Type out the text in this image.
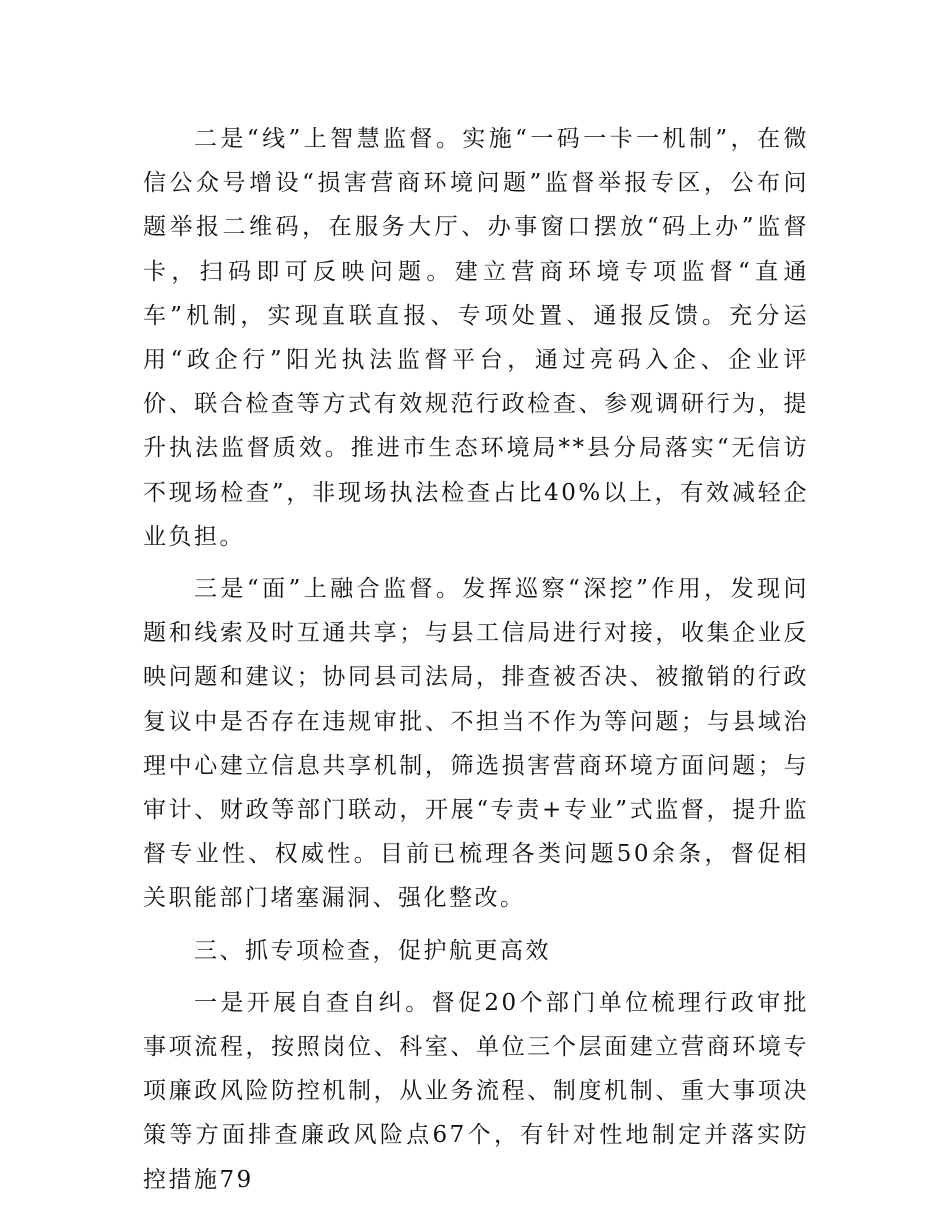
二是“线”上智慧监督。实施“一码一卡一机制”，在微信公众号增设“损害营商环境问题”监督举报专区，公布问题举报二维码，在服务大厅、办事窗口摆放“码上办”监督卡，扫码即可反映问题。建立营商环境专项监督“直通车”机制，实现直联直报、专项处置、通报反馈。充分运用“政企行”阳光执法监督平台，通过亮码入企、企业评价、联合检查等方式有效规范行政检查、参观调研行为，提升执法监督质效。推进市生态环境局**县分局落实“无信访不现场检查”，非现场执法检查占比40%以上，有效减轻企业负担。

三是“面”上融合监督。发挥巡察“深挖”作用，发现问题和线索及时互通共享；与县工信局进行对接，收集企业反映问题和建议；协同县司法局，排查被否决、被撤销的行政复议中是否存在违规审批、不担当不作为等问题；与县域治理中心建立信息共享机制，筛选损害营商环境方面问题；与审计、财政等部门联动，开展“专责+专业”式监督，提升监督专业性、权威性。目前已梳理各类问题50余条，督促相关职能部门堵塞漏洞、强化整改。

三、抓专项检查，促护航更高效

一是开展自查自纠。督促20个部门单位梳理行政审批事项流程，按照岗位、科室、单位三个层面建立营商环境专项廉政风险防控机制，从业务流程、制度机制、重大事项决策等方面排查廉政风险点67个，有针对性地制定并落实防控措施79
